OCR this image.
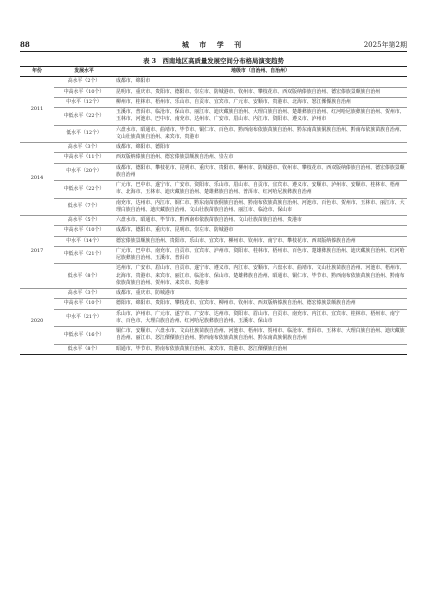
88	城 市 学 刊	2025年第2期
表 3　西南地区高质量发展空间分布格局演变趋势
年份	发展水平	地级市（自治州、自治州）
2011	高水平（2个）	成都市、绵阳市
	中高水平（10个）	昆明市、重庆市、贵阳市、德阳市、崇左市、防城港市、钦州市、攀枝花市、西双版纳傣族自治州、德宏傣族景颇族自治州
	中水平（12个）	柳州市、桂林市、梧州市、乐山市、自贡市、宜宾市、广元市、安顺市、贵港市、北海市、怒江傈僳族自治州
	中低水平（22个）	玉溪市、普洱市、临沧市、保山市、丽江市、迪庆藏族自治州、大理白族自治州、楚雄彝族自治州、红河哈尼族彝族自治州、贺州市、玉林市、河池市、巴中市、南充市、达州市、广安市、眉山市、内江市、资阳市、遵义市、泸州市
	低水平（12个）	六盘水市、昭通市、曲靖市、毕节市、铜仁市、百色市、黔西南布依族苗族自治州、黔东南苗族侗族自治州、黔南布依族苗族自治州、文山壮族苗族自治州、来宾市、贵港市
2014	高水平（3个）	成都市、绵阳市、德阳市
	中高水平（11个）	西双版纳傣族自治州、德宏傣族景颇族自治州、崇左市
	中水平（20个）	成都市、德阳市、攀枝花市、昆明市、重庆市、贵阳市、柳州市、防城港市、钦州市、攀枝花市、西双版纳傣族自治州、德宏傣族景颇族自治州
	中低水平（22个）	广元市、巴中市、遂宁市、广安市、资阳市、乐山市、眉山市、自贡市、宜宾市、遵义市、安顺市、泸州市、安顺市、桂林市、梧州市、北海市、玉林市、迪庆藏族自治州、楚雄彝族自治州、普洱市、红河哈尼族彝族自治州
	低水平（7个）	南充市、达州市、内江市、铜仁市、黔东南苗族侗族自治州、黔南布依族苗族自治州、河池市、百色市、贺州市、玉林市、丽江市、大理白族自治州、迪庆藏族自治州、文山壮族苗族自治州、丽江市、临沧市、保山市
2017	高水平（5个）	六盘水市、昭通市、毕节市、黔西南布依族苗族自治州、文山壮族苗族自治州、贵港市
	中高水平（10个）	成都市、德阳市、重庆市、昆明市、崇左市、防城港市
	中水平（14个）	德宏傣族景颇族自治州、贵阳市、乐山市、宜宾市、柳州市、钦州市、南宁市、攀枝花市、西双版纳傣族自治州
	中低水平（21个）	广元市、巴中市、南充市、自贡市、宜宾市、泸州市、资阳市、桂林市、梧州市、百色市、楚雄彝族自治州、迪庆藏族自治州、红河哈尼族彝族自治州、玉溪市、普洱市
	低水平（8个）	达州市、广安市、眉山市、自贡市、遂宁市、遵义市、内江市、安顺市、六盘水市、曲靖市、文山壮族苗族自治州、河池市、梧州市、北海市、贵港市、来宾市、丽江市、临沧市、保山市、楚雄彝族自治州、昭通市、铜仁市、毕节市、黔西南布依族苗族自治州、黔南布依族苗族自治州、贺州市、来宾市、贵港市
2020	高水平（3个）	成都市、重庆市、防城港市
	中高水平（10个）	德阳市、绵阳市、贵阳市、攀枝花市、宜宾市、柳州市、钦州市、西双版纳傣族自治州、德宏傣族景颇族自治州
	中水平（21个）	乐山市、泸州市、广元市、遂宁市、广安市、达州市、资阳市、眉山市、自贡市、南充市、内江市、宜宾市、桂林市、梧州市、南宁市、百色市、大理白族自治州、红河哈尼族彝族自治州、玉溪市、保山市
	中低水平（16个）	铜仁市、安顺市、六盘水市、文山壮族苗族自治州、河池市、梧州市、贺州市、临沧市、普洱市、玉林市、大理白族自治州、迪庆藏族自治州、丽江市、怒江傈僳族自治州、黔西南布依族苗族自治州、黔东南苗族侗族自治州
	低水平（8个）	昭通市、毕节市、黔南布依族苗族自治州、来宾市、贵港市、怒江傈僳族自治州
